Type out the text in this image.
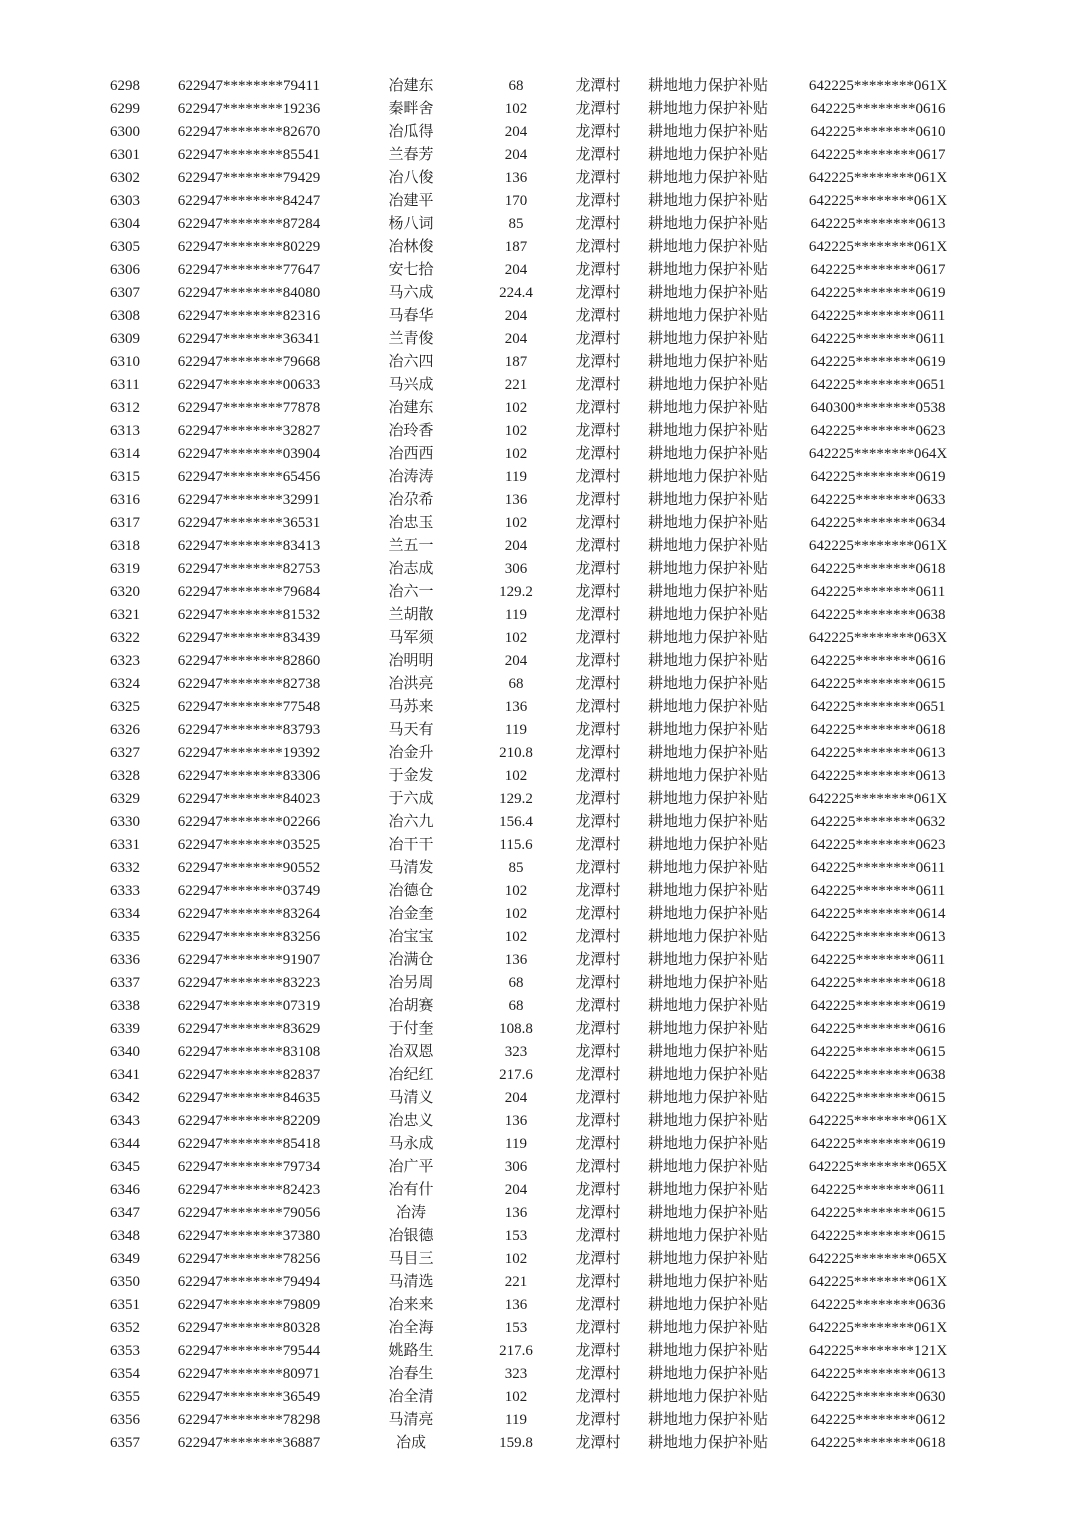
6298	622947********79411	冶建东	68	龙潭村	耕地地力保护补贴	642225********061X
6299	622947********19236	秦畔舍	102	龙潭村	耕地地力保护补贴	642225********0616
6300	622947********82670	冶瓜得	204	龙潭村	耕地地力保护补贴	642225********0610
6301	622947********85541	兰春芳	204	龙潭村	耕地地力保护补贴	642225********0617
6302	622947********79429	冶八俊	136	龙潭村	耕地地力保护补贴	642225********061X
6303	622947********84247	冶建平	170	龙潭村	耕地地力保护补贴	642225********061X
6304	622947********87284	杨八词	85	龙潭村	耕地地力保护补贴	642225********0613
6305	622947********80229	冶林俊	187	龙潭村	耕地地力保护补贴	642225********061X
6306	622947********77647	安七拾	204	龙潭村	耕地地力保护补贴	642225********0617
6307	622947********84080	马六成	224.4	龙潭村	耕地地力保护补贴	642225********0619
6308	622947********82316	马春华	204	龙潭村	耕地地力保护补贴	642225********0611
6309	622947********36341	兰青俊	204	龙潭村	耕地地力保护补贴	642225********0611
6310	622947********79668	冶六四	187	龙潭村	耕地地力保护补贴	642225********0619
6311	622947********00633	马兴成	221	龙潭村	耕地地力保护补贴	642225********0651
6312	622947********77878	冶建东	102	龙潭村	耕地地力保护补贴	640300********0538
6313	622947********32827	冶玲香	102	龙潭村	耕地地力保护补贴	642225********0623
6314	622947********03904	冶西西	102	龙潭村	耕地地力保护补贴	642225********064X
6315	622947********65456	冶涛涛	119	龙潭村	耕地地力保护补贴	642225********0619
6316	622947********32991	冶尕希	136	龙潭村	耕地地力保护补贴	642225********0633
6317	622947********36531	冶忠玉	102	龙潭村	耕地地力保护补贴	642225********0634
6318	622947********83413	兰五一	204	龙潭村	耕地地力保护补贴	642225********061X
6319	622947********82753	冶志成	306	龙潭村	耕地地力保护补贴	642225********0618
6320	622947********79684	冶六一	129.2	龙潭村	耕地地力保护补贴	642225********0611
6321	622947********81532	兰胡散	119	龙潭村	耕地地力保护补贴	642225********0638
6322	622947********83439	马军须	102	龙潭村	耕地地力保护补贴	642225********063X
6323	622947********82860	冶明明	204	龙潭村	耕地地力保护补贴	642225********0616
6324	622947********82738	冶洪亮	68	龙潭村	耕地地力保护补贴	642225********0615
6325	622947********77548	马苏来	136	龙潭村	耕地地力保护补贴	642225********0651
6326	622947********83793	马天有	119	龙潭村	耕地地力保护补贴	642225********0618
6327	622947********19392	冶金升	210.8	龙潭村	耕地地力保护补贴	642225********0613
6328	622947********83306	于金发	102	龙潭村	耕地地力保护补贴	642225********0613
6329	622947********84023	于六成	129.2	龙潭村	耕地地力保护补贴	642225********061X
6330	622947********02266	冶六九	156.4	龙潭村	耕地地力保护补贴	642225********0632
6331	622947********03525	冶干干	115.6	龙潭村	耕地地力保护补贴	642225********0623
6332	622947********90552	马清发	85	龙潭村	耕地地力保护补贴	642225********0611
6333	622947********03749	冶德仓	102	龙潭村	耕地地力保护补贴	642225********0611
6334	622947********83264	冶金奎	102	龙潭村	耕地地力保护补贴	642225********0614
6335	622947********83256	冶宝宝	102	龙潭村	耕地地力保护补贴	642225********0613
6336	622947********91907	冶满仓	136	龙潭村	耕地地力保护补贴	642225********0611
6337	622947********83223	冶另周	68	龙潭村	耕地地力保护补贴	642225********0618
6338	622947********07319	冶胡赛	68	龙潭村	耕地地力保护补贴	642225********0619
6339	622947********83629	于付奎	108.8	龙潭村	耕地地力保护补贴	642225********0616
6340	622947********83108	冶双恩	323	龙潭村	耕地地力保护补贴	642225********0615
6341	622947********82837	冶纪红	217.6	龙潭村	耕地地力保护补贴	642225********0638
6342	622947********84635	马清义	204	龙潭村	耕地地力保护补贴	642225********0615
6343	622947********82209	冶忠义	136	龙潭村	耕地地力保护补贴	642225********061X
6344	622947********85418	马永成	119	龙潭村	耕地地力保护补贴	642225********0619
6345	622947********79734	冶广平	306	龙潭村	耕地地力保护补贴	642225********065X
6346	622947********82423	冶有什	204	龙潭村	耕地地力保护补贴	642225********0611
6347	622947********79056	冶涛	136	龙潭村	耕地地力保护补贴	642225********0615
6348	622947********37380	冶银德	153	龙潭村	耕地地力保护补贴	642225********0615
6349	622947********78256	马目三	102	龙潭村	耕地地力保护补贴	642225********065X
6350	622947********79494	马清选	221	龙潭村	耕地地力保护补贴	642225********061X
6351	622947********79809	冶来来	136	龙潭村	耕地地力保护补贴	642225********0636
6352	622947********80328	冶全海	153	龙潭村	耕地地力保护补贴	642225********061X
6353	622947********79544	姚路生	217.6	龙潭村	耕地地力保护补贴	642225********121X
6354	622947********80971	冶春生	323	龙潭村	耕地地力保护补贴	642225********0613
6355	622947********36549	冶全清	102	龙潭村	耕地地力保护补贴	642225********0630
6356	622947********78298	马清亮	119	龙潭村	耕地地力保护补贴	642225********0612
6357	622947********36887	冶成	159.8	龙潭村	耕地地力保护补贴	642225********0618
